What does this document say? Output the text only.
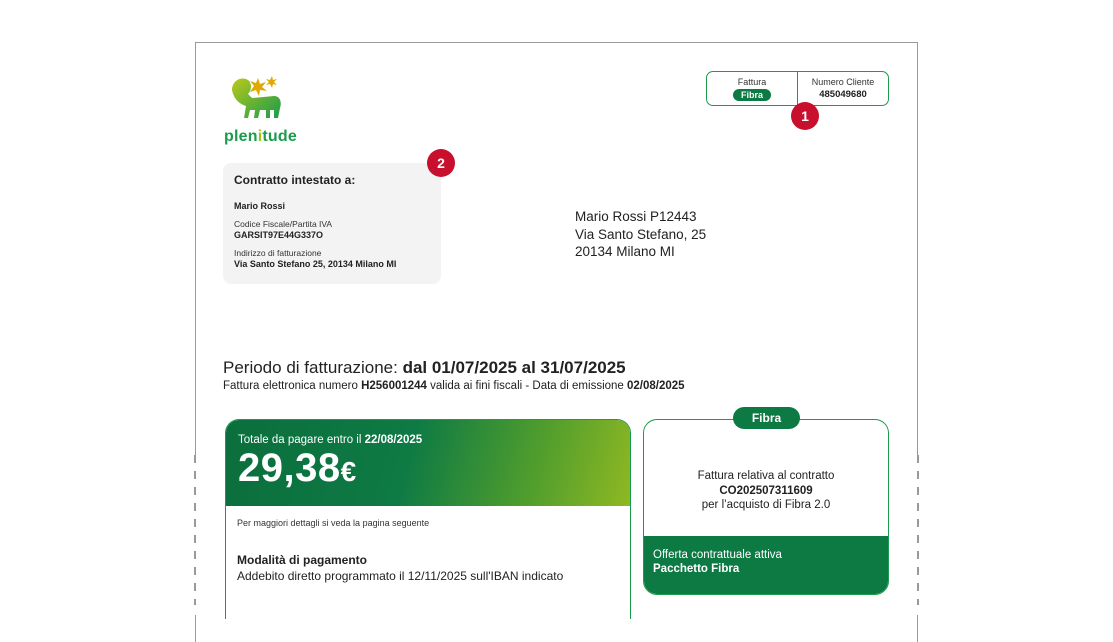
plenitude
Fattura
Fibra
Numero Cliente
485049680
1
Contratto intestato a:
Mario Rossi
Codice Fiscale/Partita IVA
GARSIT97E44G337O
Indirizzo di fatturazione
Via Santo Stefano 25, 20134 Milano MI
2
Mario Rossi P12443
Via Santo Stefano, 25
20134 Milano MI
Periodo di fatturazione: dal 01/07/2025 al 31/07/2025
Fattura elettronica numero H256001244 valida ai fini fiscali - Data di emissione 02/08/2025
Totale da pagare entro il 22/08/2025
29,38€
Per maggiori dettagli si veda la pagina seguente
Modalità di pagamento
Addebito diretto programmato il 12/11/2025 sull'IBAN indicato
Fattura relativa al contratto
CO202507311609
per l’acquisto di Fibra 2.0
Offerta contrattuale attiva
Pacchetto Fibra
Fibra
